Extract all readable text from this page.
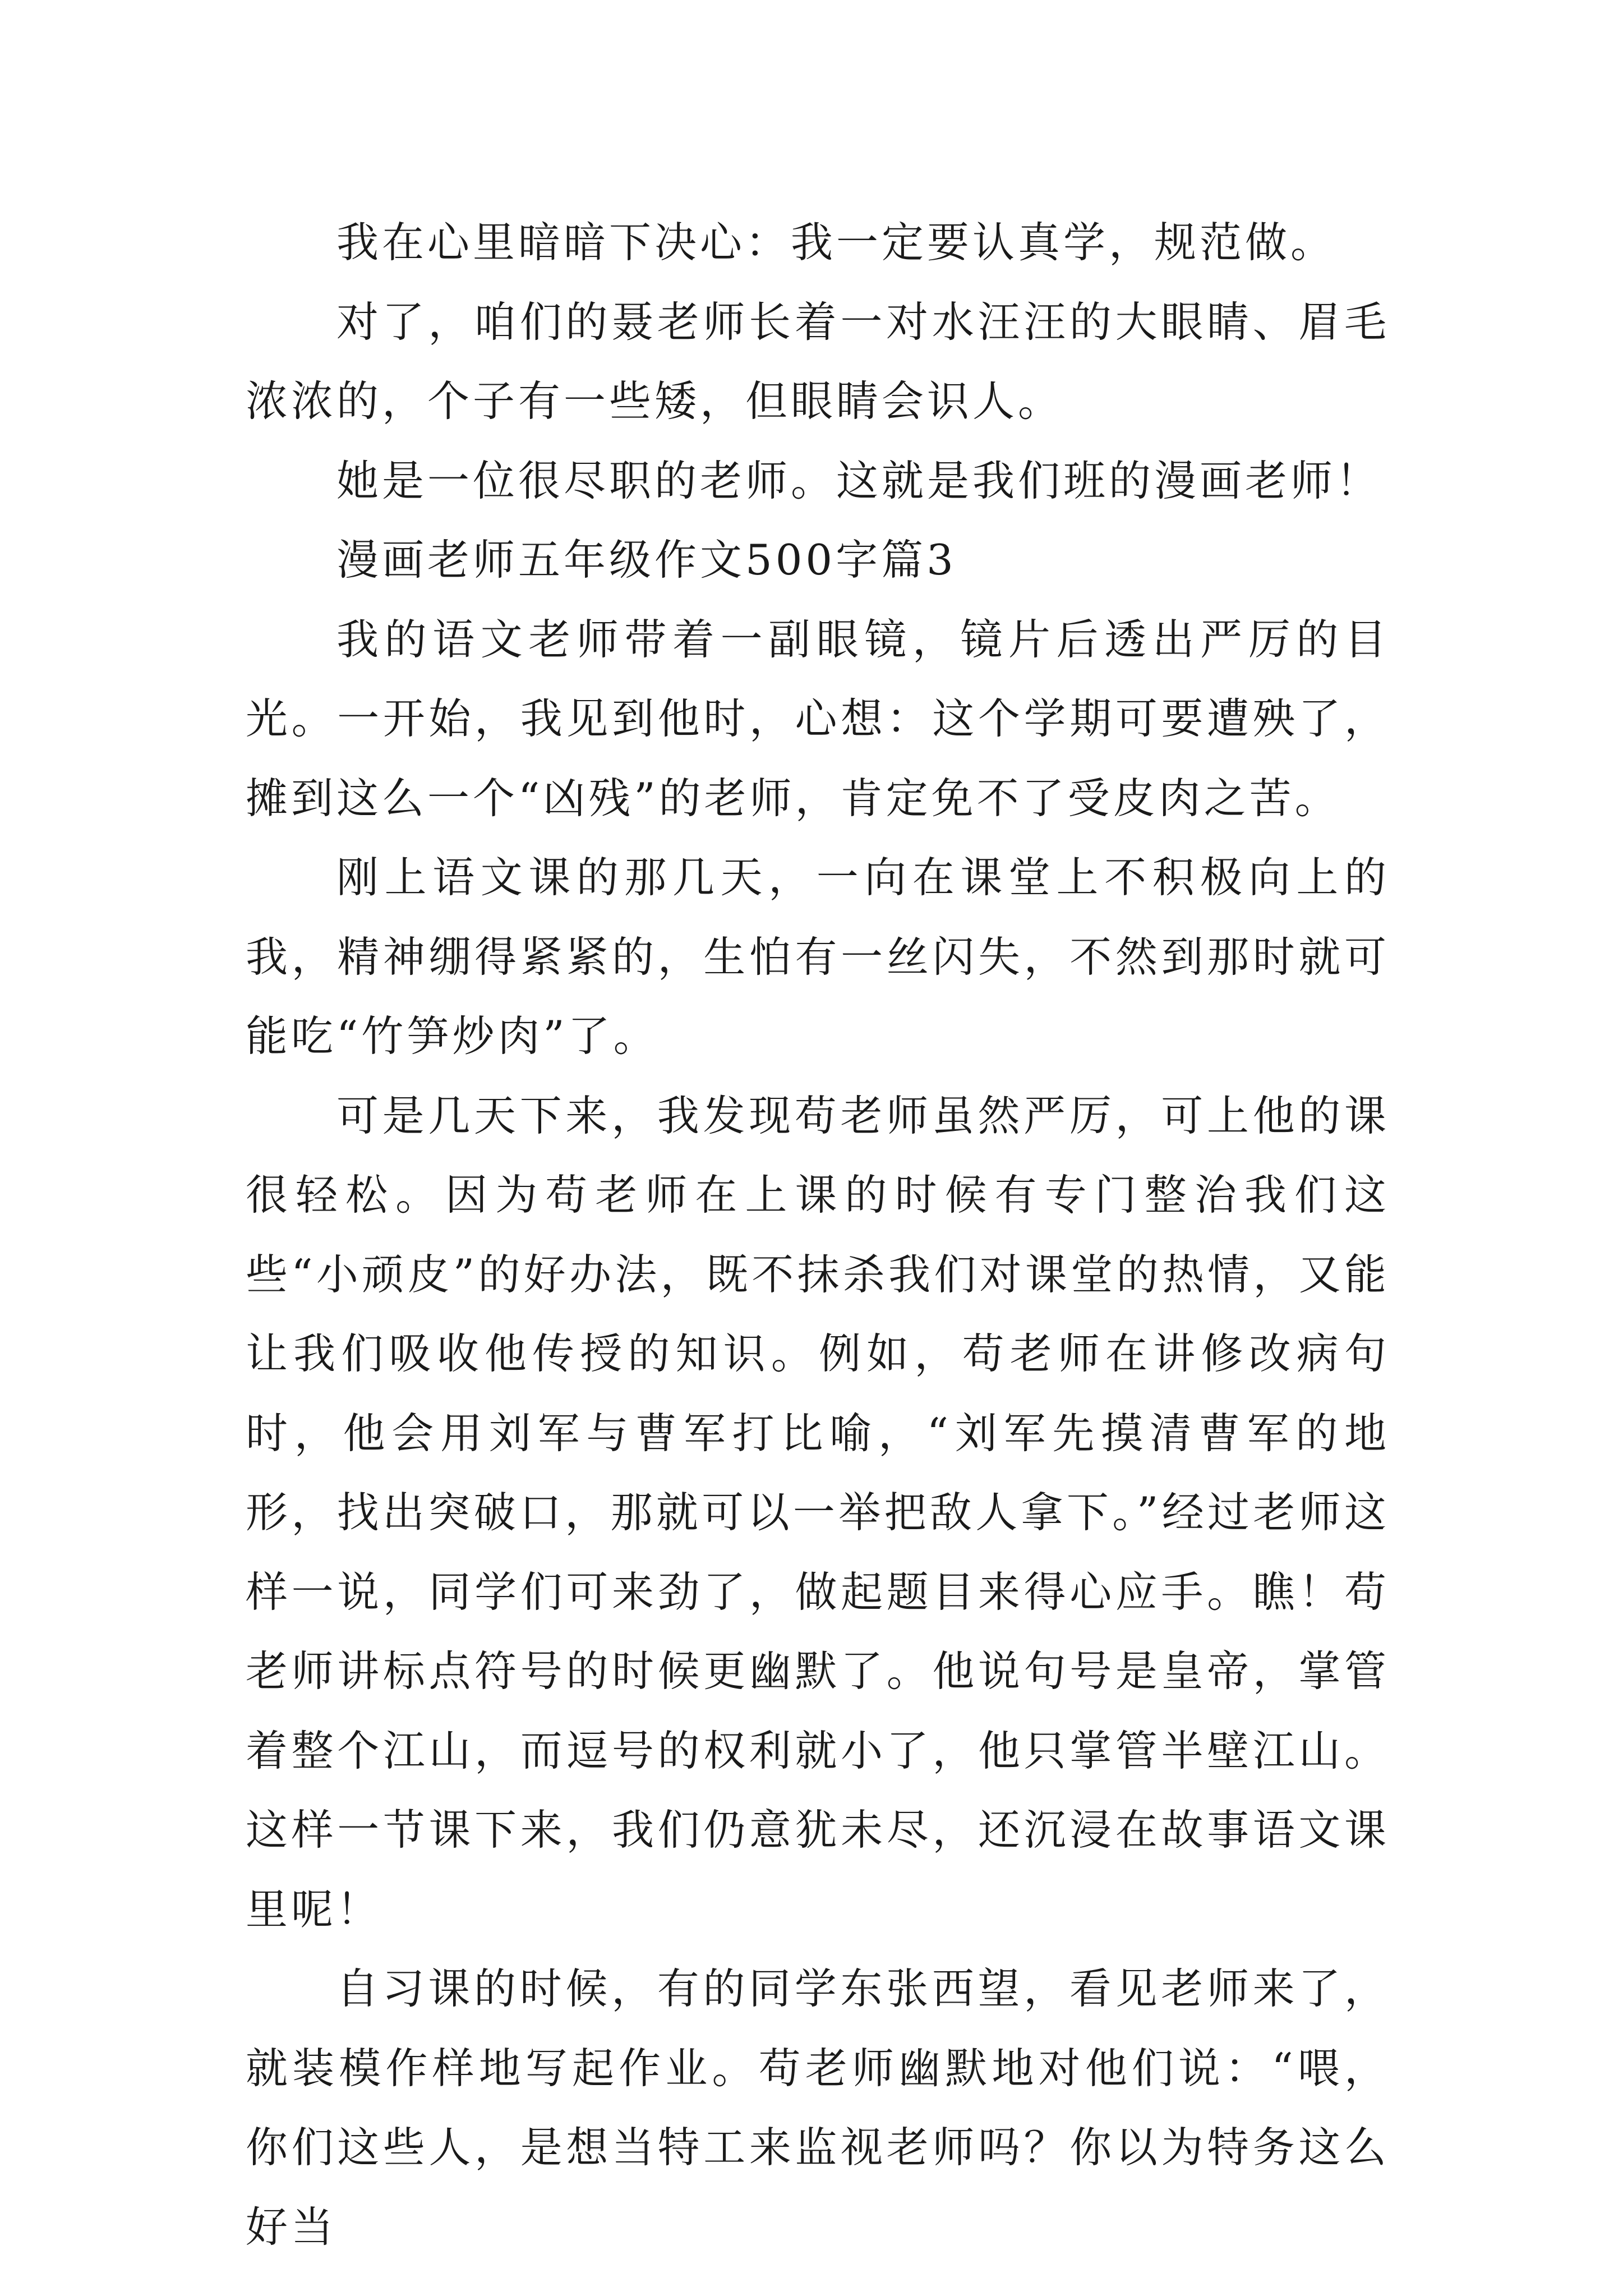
我在心里暗暗下决心：我一定要认真学，规范做。

对了，咱们的聂老师长着一对水汪汪的大眼睛、眉毛浓浓的，个子有一些矮，但眼睛会识人。

她是一位很尽职的老师。这就是我们班的漫画老师！

漫画老师五年级作文500字篇3

我的语文老师带着一副眼镜，镜片后透出严厉的目光。一开始，我见到他时，心想：这个学期可要遭殃了，摊到这么一个“凶残”的老师，肯定免不了受皮肉之苦。

刚上语文课的那几天，一向在课堂上不积极向上的我，精神绷得紧紧的，生怕有一丝闪失，不然到那时就可能吃“竹笋炒肉”了。

可是几天下来，我发现苟老师虽然严厉，可上他的课很轻松。因为苟老师在上课的时候有专门整治我们这些“小顽皮”的好办法，既不抹杀我们对课堂的热情，又能让我们吸收他传授的知识。例如，苟老师在讲修改病句时，他会用刘军与曹军打比喻，“刘军先摸清曹军的地形，找出突破口，那就可以一举把敌人拿下。”经过老师这样一说，同学们可来劲了，做起题目来得心应手。瞧！苟老师讲标点符号的时候更幽默了。他说句号是皇帝，掌管着整个江山，而逗号的权利就小了，他只掌管半壁江山。这样一节课下来，我们仍意犹未尽，还沉浸在故事语文课里呢！

自习课的时候，有的同学东张西望，看见老师来了，就装模作样地写起作业。苟老师幽默地对他们说：“喂，你们这些人，是想当特工来监视老师吗？你以为特务这么好当
